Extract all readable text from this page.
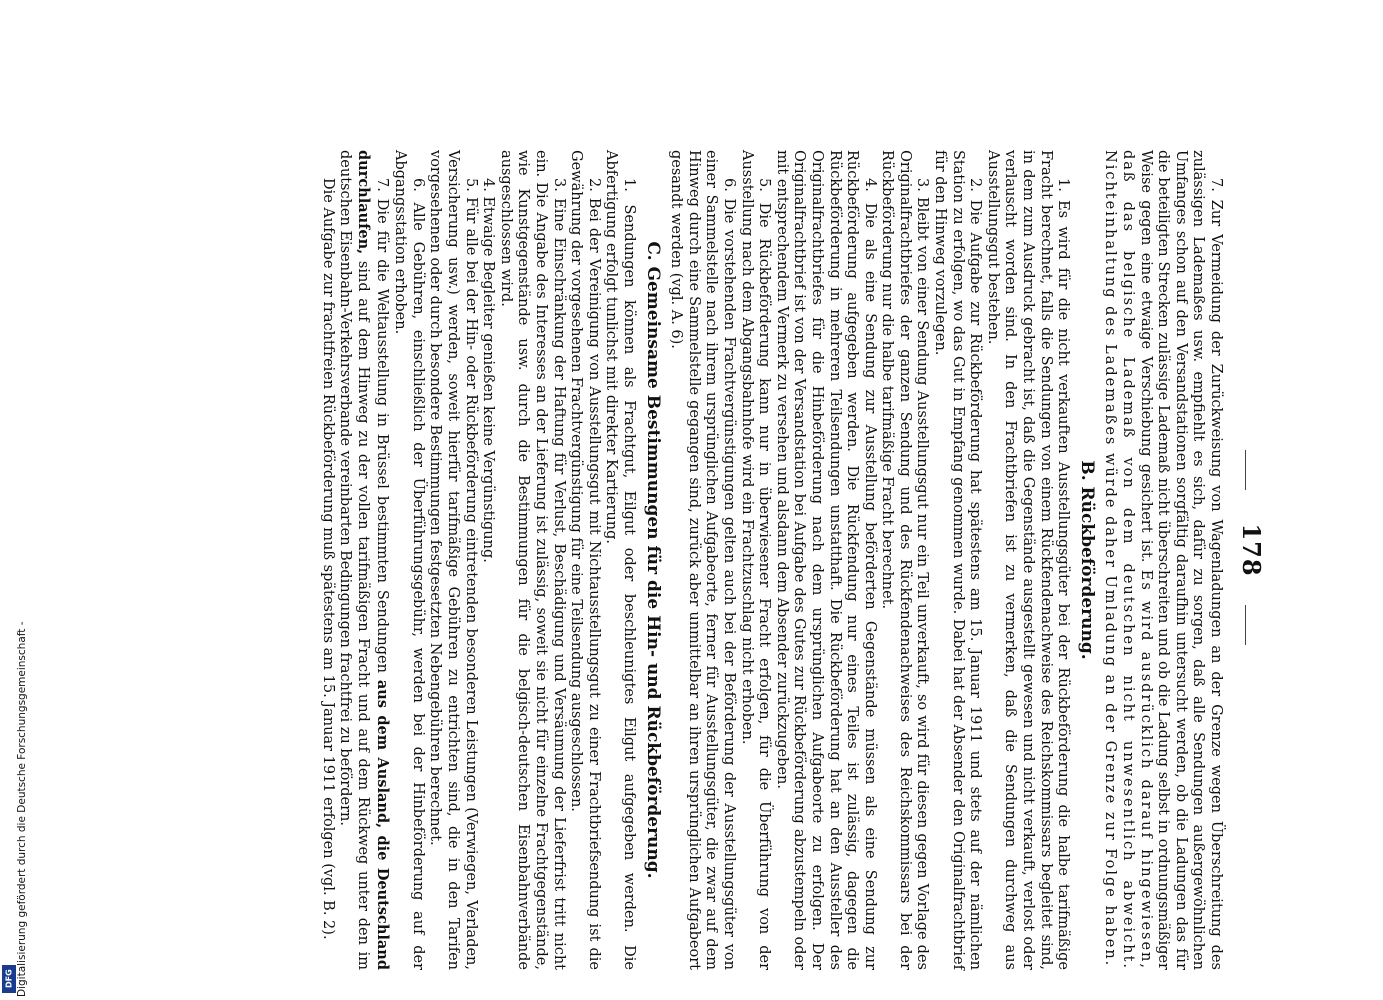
178

7. Zur Vermeidung der Zurückweisung von Wagenladungen an der Grenze wegen Überschreitung des zulässigen Lademaßes usw. empfiehlt es sich, dafür zu sorgen, daß alle Sendungen außergewöhnlichen Umfanges schon auf den Versandstationen sorgfältig daraufhin untersucht werden, ob die Ladungen das für die beteiligten Strecken zulässige Lademaß nicht überschreiten und ob die Ladung selbst in ordnungsmäßiger Weise gegen eine etwaige Verschiebung gesichert ist. Es wird ausdrücklich darauf hingewiesen, daß das belgische Lademaß von dem deutschen nicht unwesentlich abweicht. Nichteinhaltung des Lademaßes würde daher Umladung an der Grenze zur Folge haben.

B. Rückbeförderung.

1. Es wird für die nicht verkauften Ausstellungsgüter bei der Rückbeförderung die halbe tarifmäßige Fracht berechnet, falls die Sendungen von einem Rückfendenachweise des Reichskommissars begleitet sind, in dem zum Ausdruck gebracht ist, daß die Gegenstände ausgestellt gewesen und nicht verkauft, verlost oder verlauscht worden sind. In den Frachtbriefen ist zu vermerken, daß die Sendungen durchweg aus Ausstellungsgut bestehen.

2. Die Aufgabe zur Rückbeförderung hat spätestens am 15. Januar 1911 und stets auf der nämlichen Station zu erfolgen, wo das Gut in Empfang genommen wurde. Dabei hat der Absender den Originalfrachtbrief für den Hinweg vorzulegen.

3. Bleibt von einer Sendung Ausstellungsgut nur ein Teil unverkauft, so wird für diesen gegen Vorlage des Originalfrachtbriefes der ganzen Sendung und des Rückfendenachweises des Reichskommissars bei der Rückbeförderung nur die halbe tarifmäßige Fracht berechnet.

4. Die als eine Sendung zur Ausstellung beförderten Gegenstände müssen als eine Sendung zur Rückbeförderung aufgegeben werden. Die Rückfendung nur eines Teiles ist zulässig, dagegen die Rückbeförderung in mehreren Teilsendungen unstatthaft. Die Rückbeförderung hat an den Aussteller des Originalfrachtbriefes für die Hinbeförderung nach dem ursprünglichen Aufgabeorte zu erfolgen. Der Originalfrachtbrief ist von der Versandstation bei Aufgabe des Gutes zur Rückbeförderung abzustempeln oder mit entsprechendem Vermerk zu versehen und alsdann dem Absender zurückzugeben.

5. Die Rückbeförderung kann nur in überwiesener Fracht erfolgen, für die Überführung von der Ausstellung nach dem Abgangsbahnhofe wird ein Frachtzuschlag nicht erhoben.

6. Die vorstehenden Frachtvergünstigungen gelten auch bei der Beförderung der Ausstellungsgüter von einer Sammelstelle nach ihrem ursprünglichen Aufgabeorte, ferner für Ausstellungsgüter, die zwar auf dem Hinweg durch eine Sammelstelle gegangen sind, zurück aber unmittelbar an ihren ursprünglichen Aufgabeort gesandt werden (vgl. A. 6).

C. Gemeinsame Bestimmungen für die Hin- und Rückbeförderung.

1. Sendungen können als Frachtgut, Eilgut oder beschleunigtes Eilgut aufgegeben werden. Die Abfertigung erfolgt tunlichst mit direkter Kartierung.

2. Bei der Vereinigung von Ausstellungsgut mit Nichtausstellungsgut zu einer Frachtbriefsendung ist die Gewährung der vorgesehenen Frachtvergünstigung für eine Teilsendung ausgeschlossen.

3. Eine Einschränkung der Haftung für Verlust, Beschädigung und Versäumung der Lieferfrist tritt nicht ein. Die Angabe des Interesses an der Lieferung ist zulässig, soweit sie nicht für einzelne Frachtgegenstände, wie Kunstgegenstände usw. durch die Bestimmungen für die belgisch-deutschen Eisenbahnverbände ausgeschlossen wird.

4. Etwaige Begleiter genießen keine Vergünstigung.

5. Für alle bei der Hin- oder Rückbeförderung eintretenden besonderen Leistungen (Verwiegen, Verladen, Versicherung usw.) werden, soweit hierfür tarifmäßige Gebühren zu entrichten sind, die in den Tarifen vorgesehenen oder durch besondere Bestimmungen festgesetzten Nebengebühren berechnet.

6. Alle Gebühren, einschließlich der Überführungsgebühr, werden bei der Hinbeförderung auf der Abgangsstation erhoben.

7. Die für die Weltausstellung in Brüssel bestimmten Sendungen aus dem Ausland, die Deutschland durchlaufen, sind auf dem Hinweg zu der vollen tarifmäßigen Fracht und auf dem Rückweg unter den im deutschen Eisenbahn-Verkehrsverbande vereinbarten Bedingungen frachtfrei zu befördern.

Die Aufgabe zur frachtfreien Rückbeförderung muß spätestens am 15. Januar 1911 erfolgen (vgl. B. 2).

Digitalisierung gefördert durch die Deutsche Forschungsgemeinschaft -
DFG
